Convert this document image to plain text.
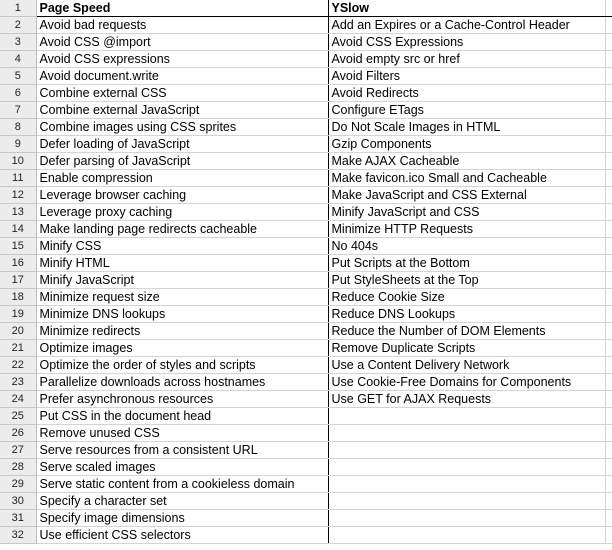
1	Page Speed	YSlow	
2	Avoid bad requests	Add an Expires or a Cache-Control Header	
3	Avoid CSS @import	Avoid CSS Expressions	
4	Avoid CSS expressions	Avoid empty src or href	
5	Avoid document.write	Avoid Filters	
6	Combine external CSS	Avoid Redirects	
7	Combine external JavaScript	Configure ETags	
8	Combine images using CSS sprites	Do Not Scale Images in HTML	
9	Defer loading of JavaScript	Gzip Components	
10	Defer parsing of JavaScript	Make AJAX Cacheable	
11	Enable compression	Make favicon.ico Small and Cacheable	
12	Leverage browser caching	Make JavaScript and CSS External	
13	Leverage proxy caching	Minify JavaScript and CSS	
14	Make landing page redirects cacheable	Minimize HTTP Requests	
15	Minify CSS	No 404s	
16	Minify HTML	Put Scripts at the Bottom	
17	Minify JavaScript	Put StyleSheets at the Top	
18	Minimize request size	Reduce Cookie Size	
19	Minimize DNS lookups	Reduce DNS Lookups	
20	Minimize redirects	Reduce the Number of DOM Elements	
21	Optimize images	Remove Duplicate Scripts	
22	Optimize the order of styles and scripts	Use a Content Delivery Network	
23	Parallelize downloads across hostnames	Use Cookie-Free Domains for Components	
24	Prefer asynchronous resources	Use GET for AJAX Requests	
25	Put CSS in the document head		
26	Remove unused CSS		
27	Serve resources from a consistent URL		
28	Serve scaled images		
29	Serve static content from a cookieless domain		
30	Specify a character set		
31	Specify image dimensions		
32	Use efficient CSS selectors		
